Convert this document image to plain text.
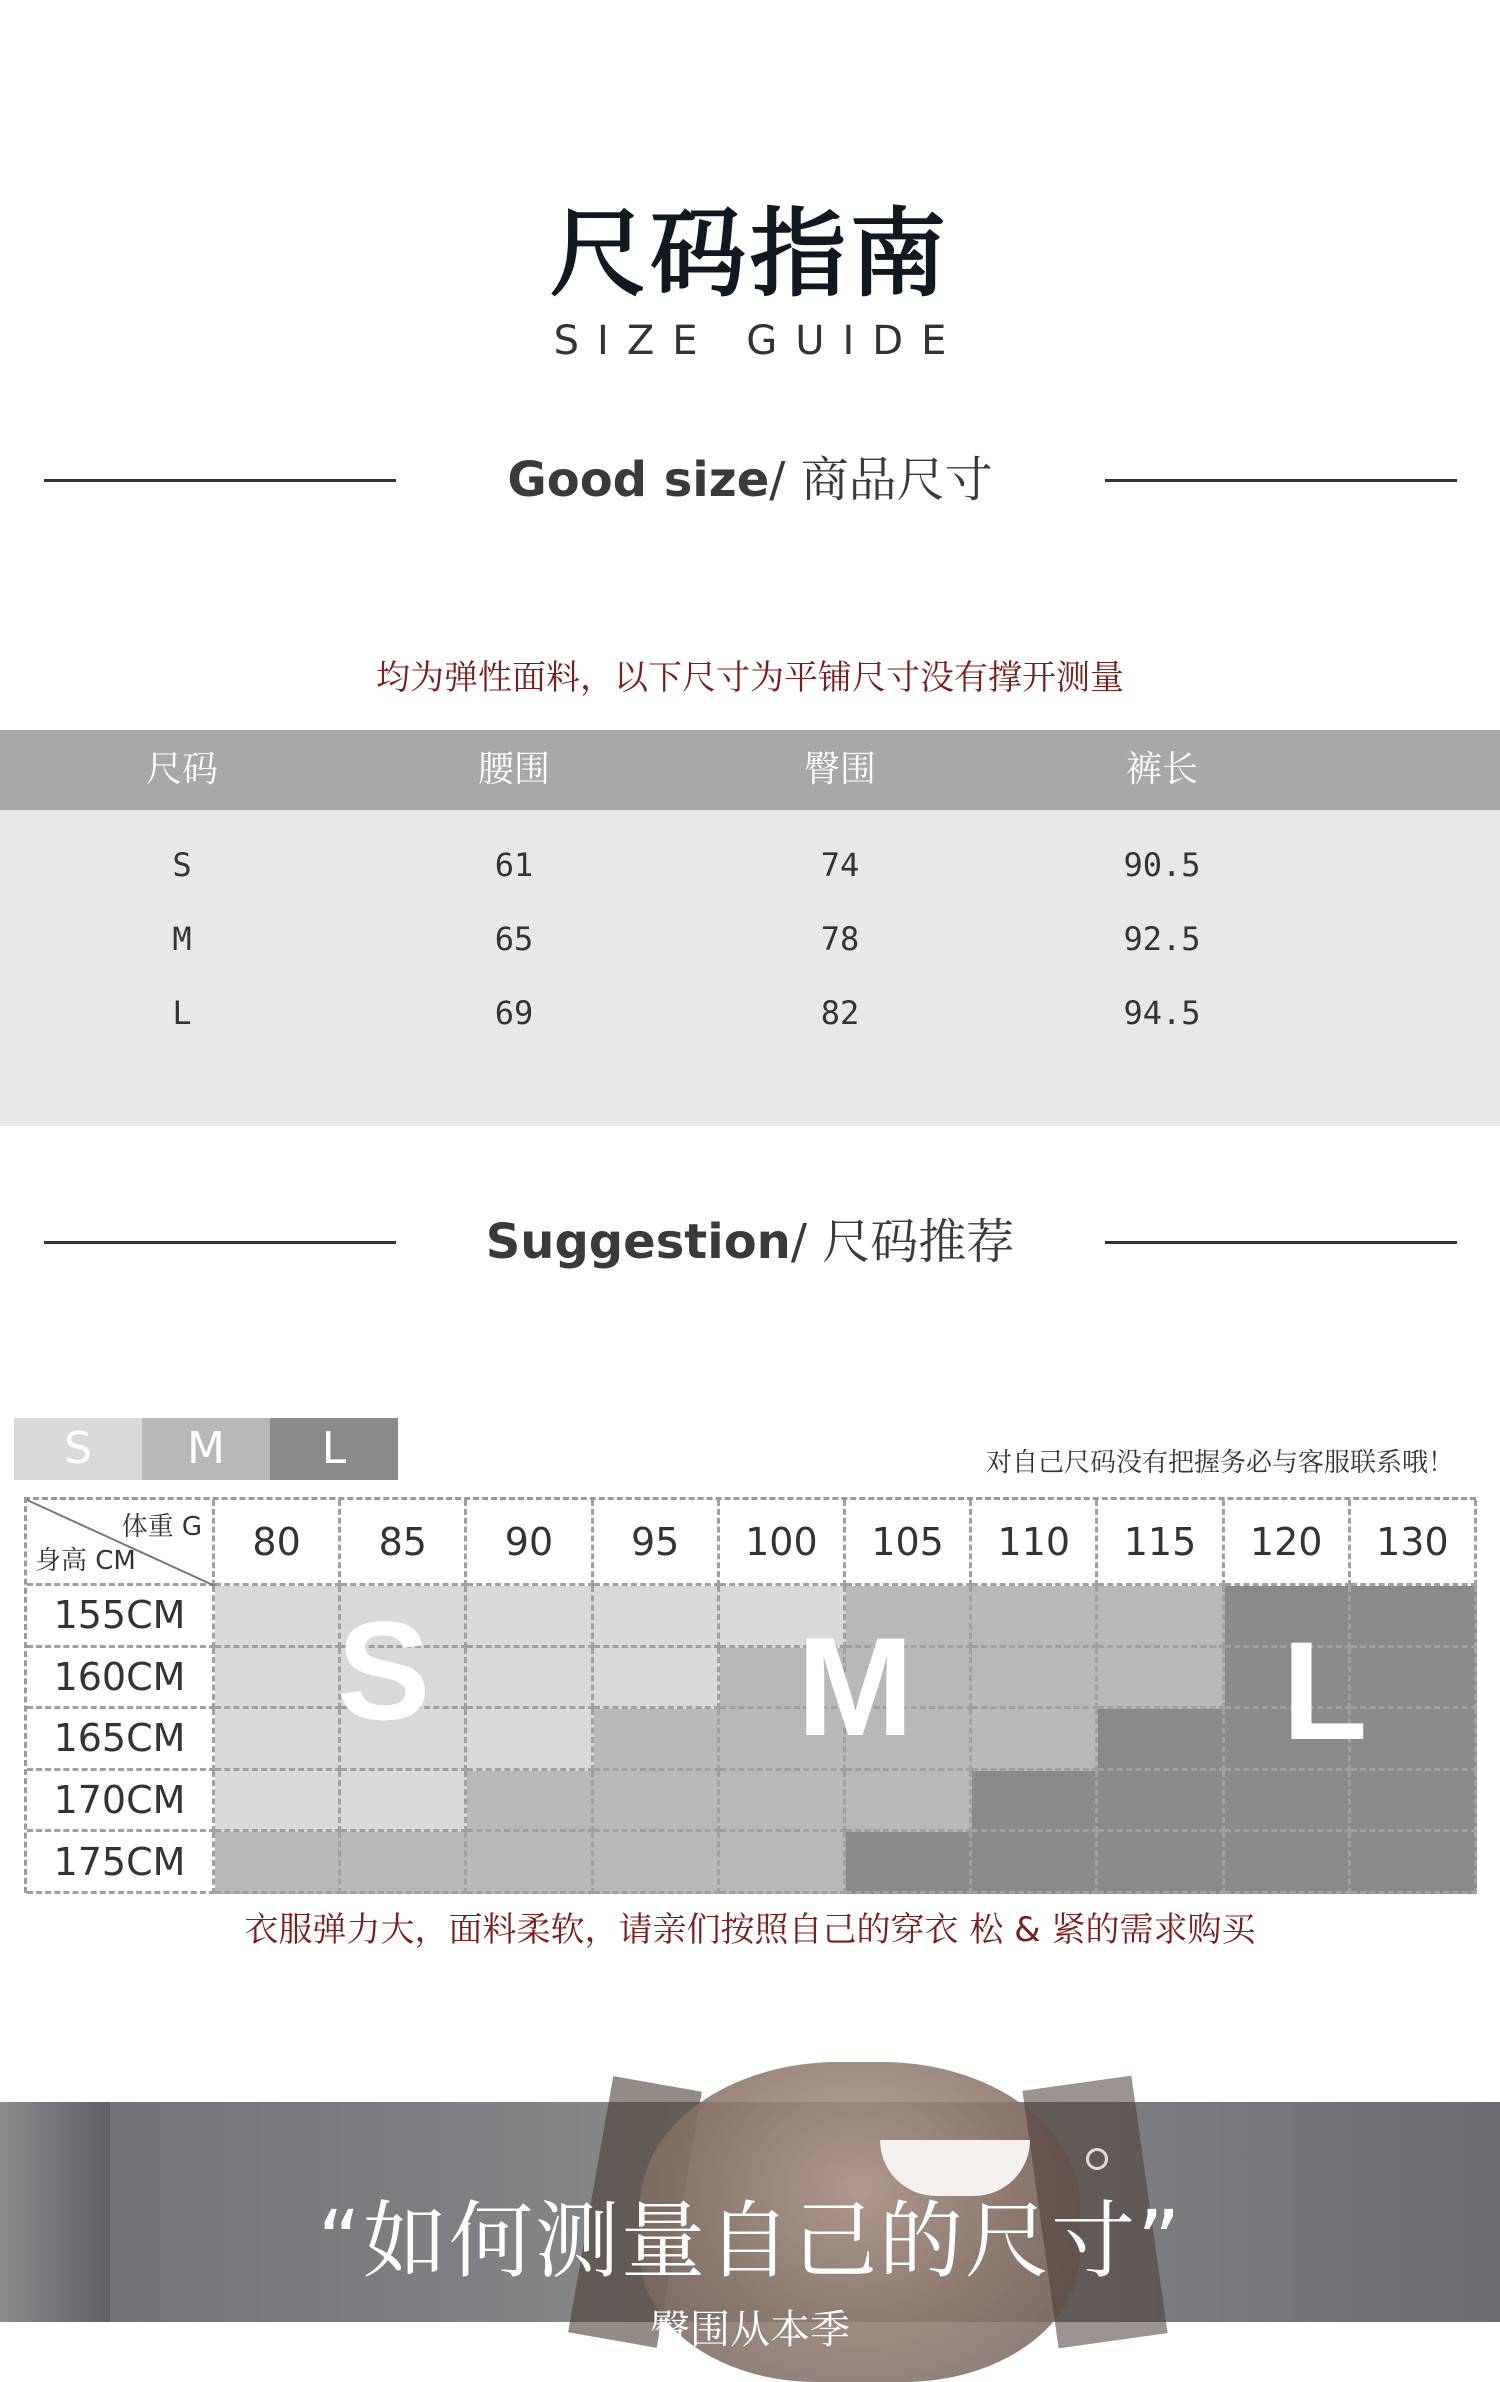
尺码指南
SIZE GUIDE
Good size/ 商品尺寸
均为弹性面料，以下尺寸为平铺尺寸没有撑开测量
尺码	腰围	臀围	裤长
S	61	74	90.5
M	65	78	92.5
L	69	82	94.5
Suggestion/ 尺码推荐
S	M	L	对自己尺码没有把握务必与客服联系哦！
体重 G
身高 CM	80	85	90	95	100	105	110	115	120	130
155CM
160CM
165CM
170CM
175CM
S	M	L
衣服弹力大，面料柔软，请亲们按照自己的穿衣 松 & 紧的需求购买
“如何测量自己的尺寸”
臀围从本季
